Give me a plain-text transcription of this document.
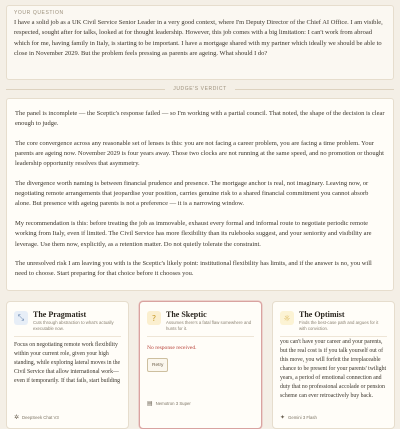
YOUR QUESTION
I have a solid job as a UK Civil Service Senior Leader in a very good context, where I'm Deputy Director of the Chief AI Office. I am visible, respected, sought after for talks, looked at for thought leadership. However, this job comes with a big limitation: I can't work from abroad which for me, having family in Italy, is starting to be important. I have a mortgage shared with my partner which ideally we should be able to close in November 2029. But the problem feels pressing as parents are ageing. What should I do?
JUDGE'S VERDICT

The panel is incomplete — the Sceptic's response failed — so I'm working with a partial council. That noted, the shape of the decision is clear enough to judge.

The core convergence across any reasonable set of lenses is this: you are not facing a career problem, you are facing a time problem. Your parents are ageing now. November 2029 is four years away. Those two clocks are not running at the same speed, and no promotion or thought leadership opportunity resolves that asymmetry.

The divergence worth naming is between financial prudence and presence. The mortgage anchor is real, not imaginary. Leaving now, or negotiating remote arrangements that jeopardise your position, carries genuine risk to a shared financial commitment you cannot absorb alone. But presence with ageing parents is not a preference — it is a narrowing window.

My recommendation is this: before treating the job as immovable, exhaust every formal and informal route to negotiate periodic remote working from Italy, even if limited. The Civil Service has more flexibility than its rulebooks suggest, and your seniority and visibility are leverage. Use them now, explicitly, as a retention matter. Do not quietly tolerate the constraint.

The unresolved risk I am leaving you with is the Sceptic's likely point: institutional flexibility has limits, and if the answer is no, you will need to choose. Start preparing for that choice before it chooses you.

⤡	The Pragmatist
Cuts through abstraction to what's actually executable now.
Focus on negotiating remote work flexibility within your current role, given your high standing, while exploring lateral moves in the Civil Service that allow international work—even if temporarily. If that fails, start building
✲ DeepSeek Chat V3
?	The Skeptic
Assumes there's a fatal flaw somewhere and hunts for it.
No response received.
Retry
▤ Nemotron 3 Super
☼	The Optimist
Finds the best-case path and argues for it with conviction.
you can't have your career and your parents, but the real cost is if you talk yourself out of this move, you will forfeit the irreplaceable chance to be present for your parents' twilight years, a period of emotional connection and duty that no professional accolade or pension scheme can ever retroactively buy back.
✦ Gemini 3 Flash
